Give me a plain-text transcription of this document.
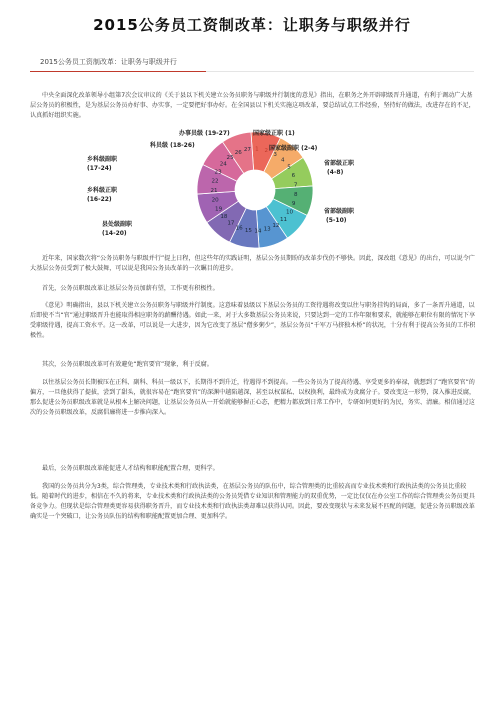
2015公务员工资制改革：让职务与职级并行
2015公务员工资制改革：让职务与职级并行
中央全面深化改革领导小组第7次会议审议的《关于县以下机关建立公务员职务与职级并行制度的意见》指出，在职务之外开辟职级晋升通道，有利于调动广大基层公务员的积极性，是为基层公务员办好事、办实事，一定要把好事办好。在全国县以下机关实施这项改革，要总结试点工作经验，坚持好的做法，改进存在的不足，认真抓好组织实施。
1 2
3
4
5
6
7
8
9
10
11
12
13
14
15
16
17
18
19
20
21
22
23
24
25
26 27
办事员级 (19-27)	国家级正职 (1)
科员级 (18-26)	国家级副职 (2-4)
乡科级副职 (17-24)
省部级正职 (4-8)
乡科级正职 (16-22)
县处级副职 (14-20)
省部级副职 (5-10)
近年来，国家数次将“公务员职务与职级并行”提上日程，但这些年的实践证明，基层公务员期盼的改革步伐仍不够快。因此，深改组《意见》的出台，可以说令广大基层公务员受到了极大鼓舞，可以说是我国公务员改革的一次瞩目的进步。
首先，公务员职级改革让基层公务员加薪有望，工作更有积极性。
《意见》明确指出，县以下机关建立公务员职务与职级并行制度。这意味着县级以下基层公务员的工资待遇将改变以往与职务挂钩的局面，多了一条晋升通道，以后即使不当“官”通过职级晋升也能取得相应职务的薪酬待遇。如此一来，对于大多数基层公务员来说，只要达到一定的工作年限和要求，就能够在职位有限的情况下享受职级待遇，提高工资水平。这一改革，可以说是一大进步，因为它改变了基层“僧多粥少”，基层公务员“千军万马挤独木桥”的状况，十分有利于提高公务员的工作积极性。
其次，公务员职级改革可有效避免“跑官要官”现象，利于反腐。
以往基层公务员长期被压在正科、副科、科员一级以下，长期得不到升迁，待遇得不到提高。一些公务员为了提高待遇、享受更多的奉禄，就想到了“跑官要官”的偏方，一旦他获得了提拔，尝到了甜头，就很容易在“跑官要官”的深渊中越陷越深，甚至以权谋私、以权换利，最终成为贪腐分子。要改变这一形势，深入推进反腐，那么促进公务员职级改革就是从根本上解决问题，让基层公务员从一开始就能够摒正心态，把精力都放到日常工作中，专研如何更好的为民，务实、清廉。相信通过这次的公务员职级改革，反腐倡廉将进一步推向深入。
最后，公务员职级改革能促进人才结构和职能配置合理，更科学。
我国的公务员共分为3类，综合管理类，专业技术类和行政执法类，在基层公务员的队伍中，综合管理类的比重较高而专业技术类和行政执法类的公务员比重较低。随着时代的进步，相信在不久的将来，专业技术类和行政执法类的公务员凭借专业知识和管理能力的双重优势，一定比仅仅在办公室工作的综合管理类公务员更具备竞争力。但现状是综合管理类更容易获得职务晋升，而专业技术类和行政执法类却难以获得认同。因此，要改变现状与未来发展不匹配的问题，促进公务员职级改革确实是一个突破口，让公务员队伍的结构和职能配置更加合理、更加科学。
